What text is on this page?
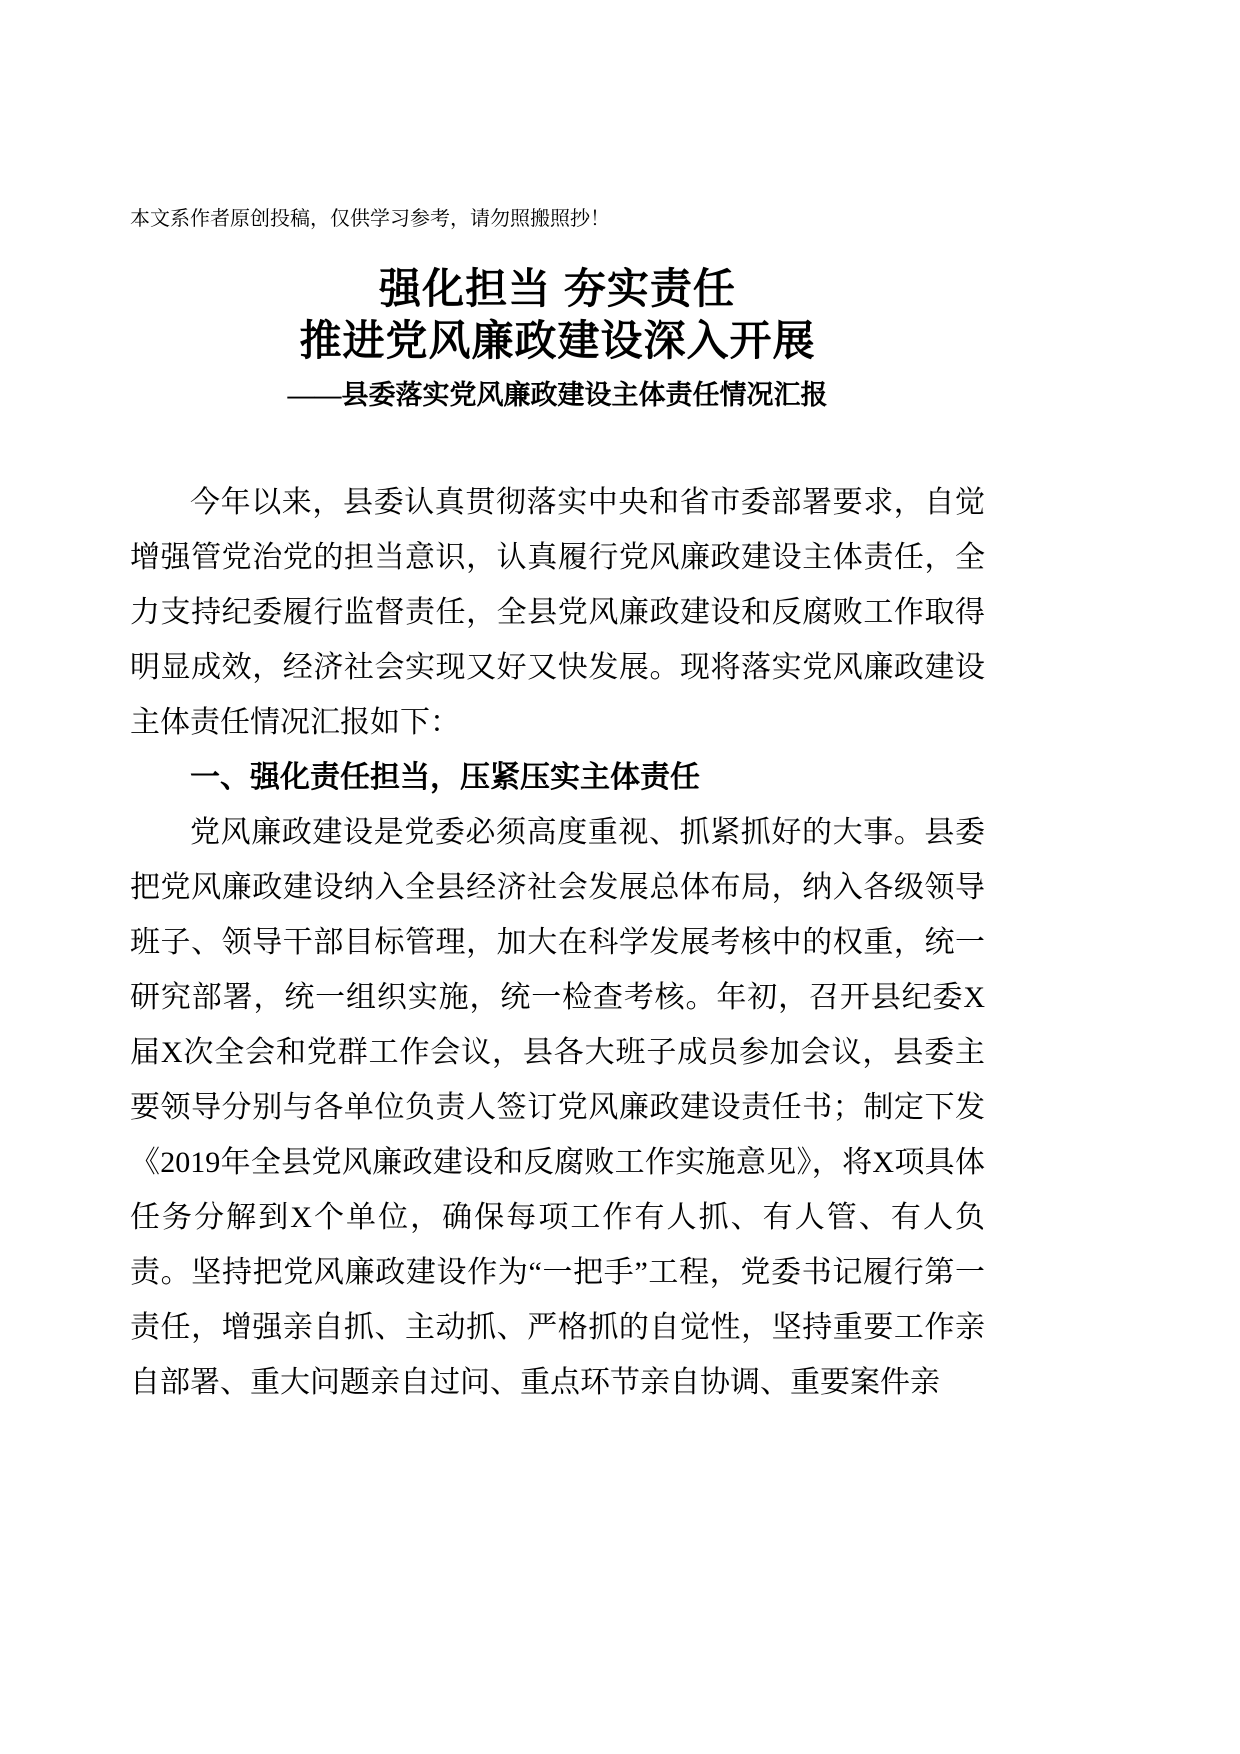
本文系作者原创投稿，仅供学习参考，请勿照搬照抄！

强化担当 夯实责任
推进党风廉政建设深入开展
——县委落实党风廉政建设主体责任情况汇报

今年以来，县委认真贯彻落实中央和省市委部署要求，自觉增强管党治党的担当意识，认真履行党风廉政建设主体责任，全力支持纪委履行监督责任，全县党风廉政建设和反腐败工作取得明显成效，经济社会实现又好又快发展。现将落实党风廉政建设主体责任情况汇报如下：

一、强化责任担当，压紧压实主体责任

党风廉政建设是党委必须高度重视、抓紧抓好的大事。县委把党风廉政建设纳入全县经济社会发展总体布局，纳入各级领导班子、领导干部目标管理，加大在科学发展考核中的权重，统一研究部署，统一组织实施，统一检查考核。年初，召开县纪委X届X次全会和党群工作会议，县各大班子成员参加会议，县委主要领导分别与各单位负责人签订党风廉政建设责任书；制定下发《2019年全县党风廉政建设和反腐败工作实施意见》，将X项具体任务分解到X个单位，确保每项工作有人抓、有人管、有人负责。坚持把党风廉政建设作为“一把手”工程，党委书记履行第一责任，增强亲自抓、主动抓、严格抓的自觉性，坚持重要工作亲自部署、重大问题亲自过问、重点环节亲自协调、重要案件亲
